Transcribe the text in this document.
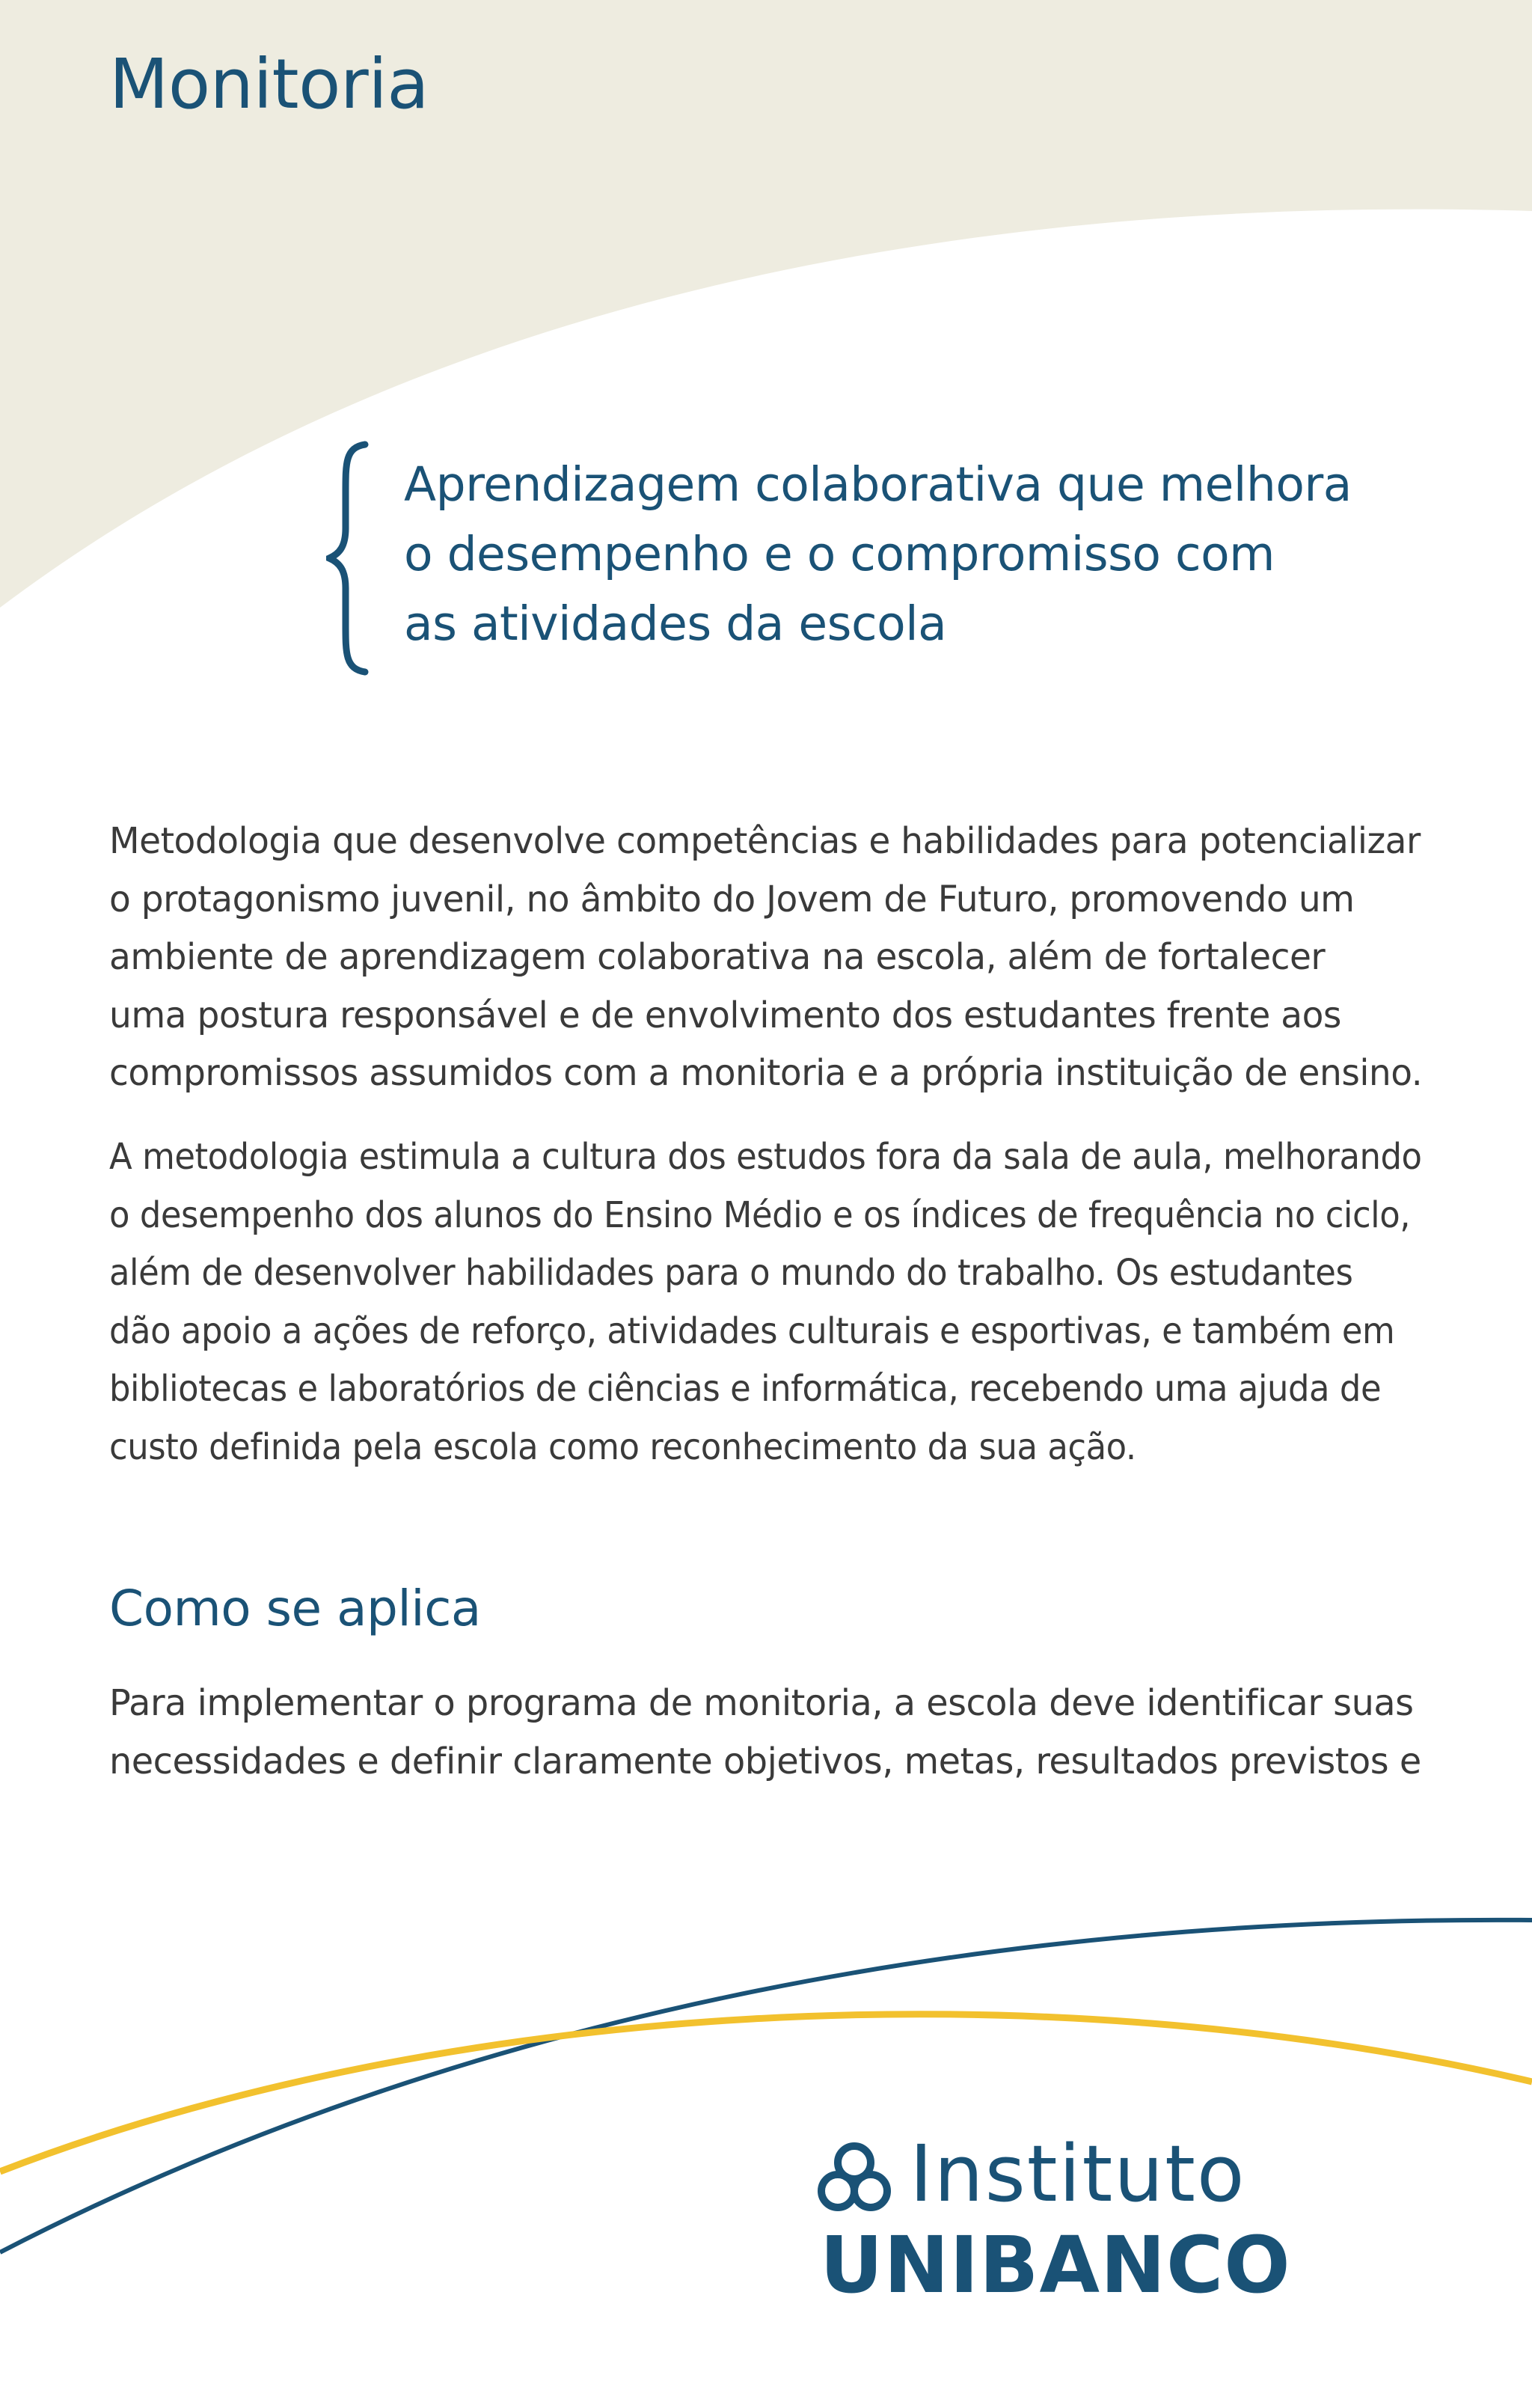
Monitoria
Aprendizagem colaborativa que melhora
o desempenho e o compromisso com
as atividades da escola
Metodologia que desenvolve competências e habilidades para potencializar
o protagonismo juvenil, no âmbito do Jovem de Futuro, promovendo um
ambiente de aprendizagem colaborativa na escola, além de fortalecer
uma postura responsável e de envolvimento dos estudantes frente aos
compromissos assumidos com a monitoria e a própria instituição de ensino.
A metodologia estimula a cultura dos estudos fora da sala de aula, melhorando
o desempenho dos alunos do Ensino Médio e os índices de frequência no ciclo,
além de desenvolver habilidades para o mundo do trabalho. Os estudantes
dão apoio a ações de reforço, atividades culturais e esportivas, e também em
bibliotecas e laboratórios de ciências e informática, recebendo uma ajuda de
custo definida pela escola como reconhecimento da sua ação.
Como se aplica
Para implementar o programa de monitoria, a escola deve identificar suas
necessidades e definir claramente objetivos, metas, resultados previstos e
Instituto
UNIBANCO
